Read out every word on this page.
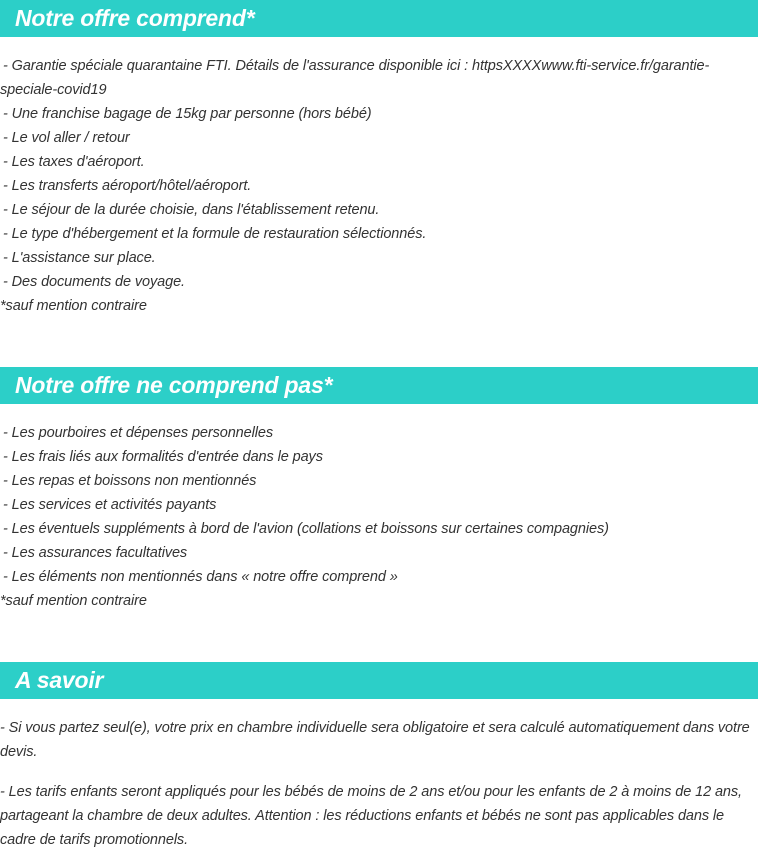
Notre offre comprend*
- Garantie spéciale quarantaine FTI. Détails de l'assurance disponible ici : httpsXXXXwww.fti-service.fr/garantie-speciale-covid19
- Une franchise bagage de 15kg par personne (hors bébé)
- Le vol aller / retour
- Les taxes d'aéroport.
- Les transferts aéroport/hôtel/aéroport.
- Le séjour de la durée choisie, dans l'établissement retenu.
- Le type d'hébergement et la formule de restauration sélectionnés.
- L'assistance sur place.
- Des documents de voyage.

*sauf mention contraire

Notre offre ne comprend pas*
- Les pourboires et dépenses personnelles
- Les frais liés aux formalités d'entrée dans le pays
- Les repas et boissons non mentionnés
- Les services et activités payants
- Les éventuels suppléments à bord de l'avion (collations et boissons sur certaines compagnies)
- Les assurances facultatives
- Les éléments non mentionnés dans « notre offre comprend »

*sauf mention contraire

A savoir

- Si vous partez seul(e), votre prix en chambre individuelle sera obligatoire et sera calculé automatiquement dans votre devis.

- Les tarifs enfants seront appliqués pour les bébés de moins de 2 ans et/ou pour les enfants de 2 à moins de 12 ans, partageant la chambre de deux adultes. Attention : les réductions enfants et bébés ne sont pas applicables dans le cadre de tarifs promotionnels.
